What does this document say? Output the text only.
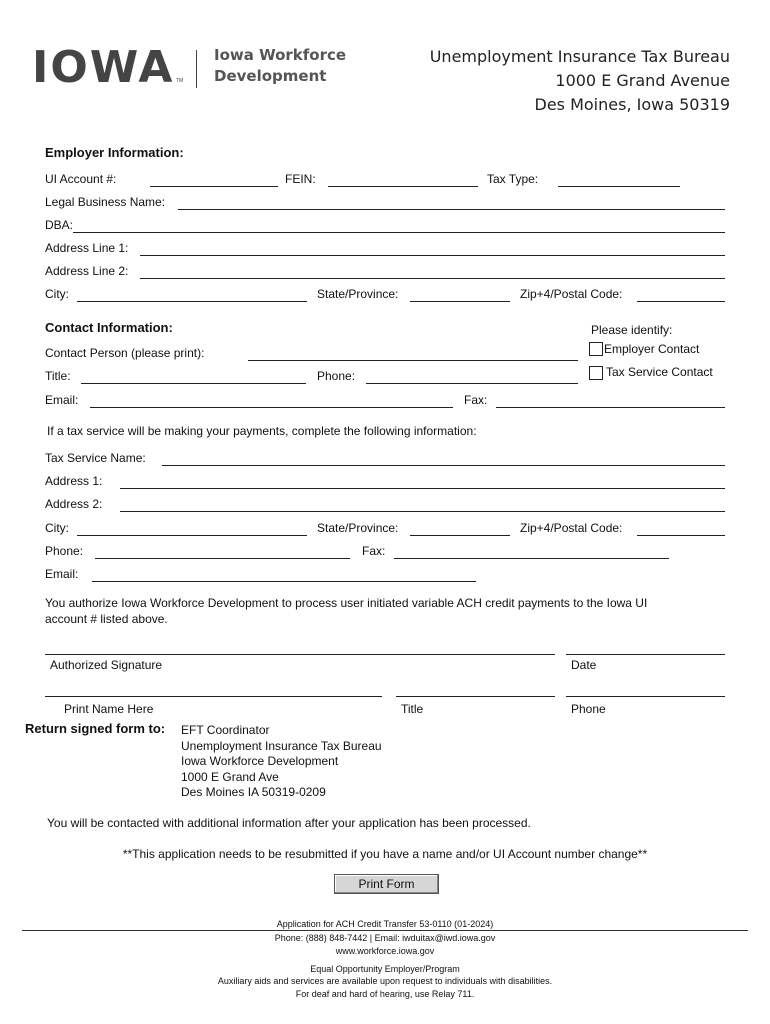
IOWA TM
Iowa Workforce
Development
Unemployment Insurance Tax Bureau
1000 E Grand Avenue
Des Moines, Iowa 50319
Employer Information:
UI Account #:	FEIN:	Tax Type:
Legal Business Name:
DBA:
Address Line 1:
Address Line 2:
City:	State/Province:	Zip+4/Postal Code:
Contact Information:	Please identify:
Contact Person (please print):	Employer Contact
Title:	Phone:	Tax Service Contact
Email:	Fax:
If a tax service will be making your payments, complete the following information:
Tax Service Name:
Address 1:
Address 2:
City:	State/Province:	Zip+4/Postal Code:
Phone:	Fax:
Email:
You authorize Iowa Workforce Development to process user initiated variable ACH credit payments to the Iowa UI
account # listed above.
Authorized Signature	Date
Print Name Here	Title	Phone
Return signed form to: EFT Coordinator
Unemployment Insurance Tax Bureau
Iowa Workforce Development
1000 E Grand Ave
Des Moines IA 50319-0209
You will be contacted with additional information after your application has been processed.
**This application needs to be resubmitted if you have a name and/or UI Account number change**
Print Form
Application for ACH Credit Transfer 53-0110 (01-2024)
Phone: (888) 848-7442 | Email: iwduitax@iwd.iowa.gov
www.workforce.iowa.gov
Equal Opportunity Employer/Program
Auxiliary aids and services are available upon request to individuals with disabilities.
For deaf and hard of hearing, use Relay 711.
